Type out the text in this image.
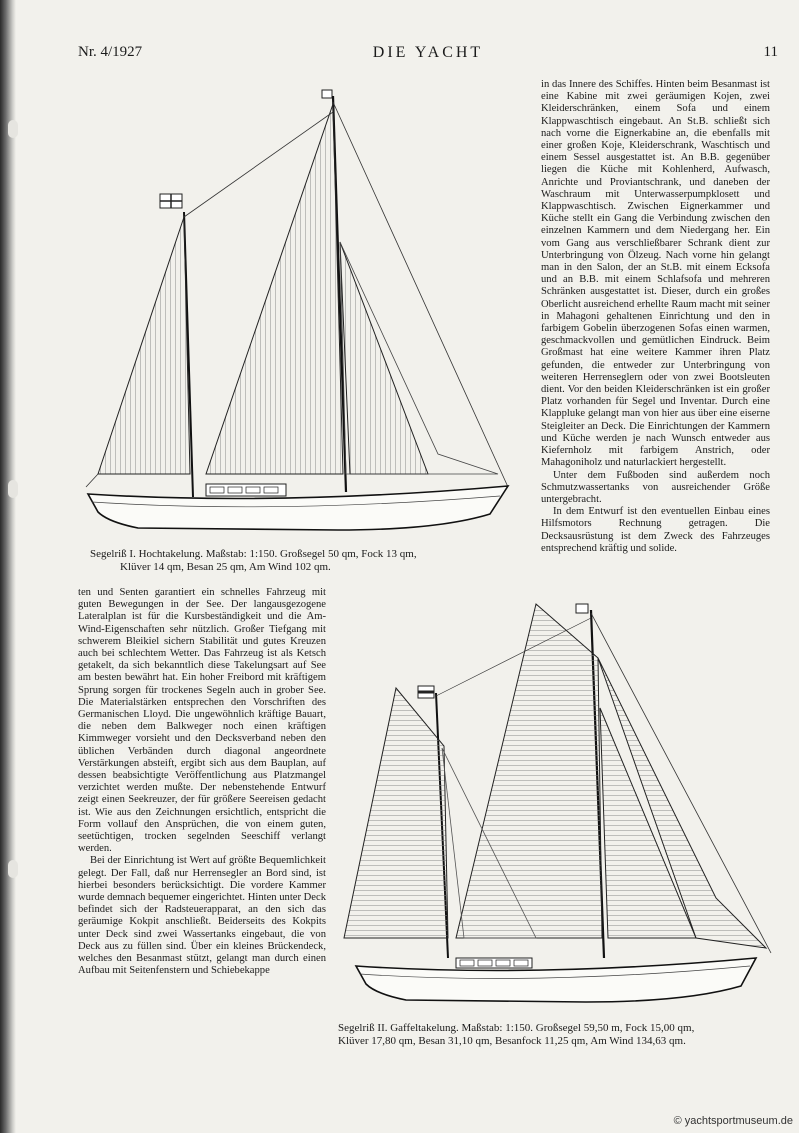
Nr. 4/1927	DIE YACHT	11

in das Innere des Schiffes. Hinten beim Besanmast ist eine Kabine mit zwei geräumigen Kojen, zwei Kleiderschränken, einem Sofa und einem Klappwaschtisch eingebaut. An St.B. schließt sich nach vorne die Eignerkabine an, die ebenfalls mit einer großen Koje, Kleiderschrank, Waschtisch und einem Sessel ausgestattet ist. An B.B. gegenüber liegen die Küche mit Kohlenherd, Aufwasch, Anrichte und Proviantschrank, und daneben der Waschraum mit Unterwasserpumpklosett und Klappwaschtisch. Zwischen Eignerkammer und Küche stellt ein Gang die Verbindung zwischen den einzelnen Kammern und dem Niedergang her. Ein vom Gang aus verschließbarer Schrank dient zur Unterbringung von Ölzeug. Nach vorne hin gelangt man in den Salon, der an St.B. mit einem Ecksofa und an B.B. mit einem Schlafsofa und mehreren Schränken ausgestattet ist. Dieser, durch ein großes Oberlicht ausreichend erhellte Raum macht mit seiner in Mahagoni gehaltenen Einrichtung und den in farbigem Gobelin überzogenen Sofas einen warmen, geschmackvollen und gemütlichen Eindruck. Beim Großmast hat eine weitere Kammer ihren Platz gefunden, die entweder zur Unterbringung von weiteren Herrenseglern oder von zwei Bootsleuten dient. Vor den beiden Kleiderschränken ist ein großer Platz vorhanden für Segel und Inventar. Durch eine Klappluke gelangt man von hier aus über eine eiserne Steigleiter an Deck. Die Einrichtungen der Kammern und Küche werden je nach Wunsch entweder aus Kiefernholz mit farbigem Anstrich, oder Mahagoniholz und naturlackiert hergestellt.

Unter dem Fußboden sind außerdem noch Schmutzwassertanks von ausreichender Größe untergebracht.

In dem Entwurf ist den eventuellen Einbau eines Hilfsmotors Rechnung getragen. Die Decksausrüstung ist dem Zweck des Fahrzeuges entsprechend kräftig und solide.

Segelriß I. Hochtakelung. Maßstab: 1:150. Großsegel 50 qm, Fock 13 qm,
Klüver 14 qm, Besan 25 qm, Am Wind 102 qm.

ten und Senten garantiert ein schnelles Fahrzeug mit guten Bewegungen in der See. Der langausgezogene Lateralplan ist für die Kursbeständigkeit und die Am-Wind-Eigenschaften sehr nützlich. Großer Tiefgang mit schwerem Bleikiel sichern Stabilität und gutes Kreuzen auch bei schlechtem Wetter. Das Fahrzeug ist als Ketsch getakelt, da sich bekanntlich diese Takelungsart auf See am besten bewährt hat. Ein hoher Freibord mit kräftigem Sprung sorgen für trockenes Segeln auch in grober See. Die Materialstärken entsprechen den Vorschriften des Germanischen Lloyd. Die ungewöhnlich kräftige Bauart, die neben dem Balkweger noch einen kräftigen Kimmweger vorsieht und den Decksverband neben den üblichen Verbänden durch diagonal angeordnete Verstärkungen absteift, ergibt sich aus dem Bauplan, auf dessen beabsichtigte Veröffentlichung aus Platzmangel verzichtet werden mußte. Der nebenstehende Entwurf zeigt einen Seekreuzer, der für größere Seereisen gedacht ist. Wie aus den Zeichnungen ersichtlich, entspricht die Form vollauf den Ansprüchen, die von einem guten, seetüchtigen, trocken segelnden Seeschiff verlangt werden.

Bei der Einrichtung ist Wert auf größte Bequemlichkeit gelegt. Der Fall, daß nur Herrensegler an Bord sind, ist hierbei besonders berücksichtigt. Die vordere Kammer wurde demnach bequemer eingerichtet. Hinten unter Deck befindet sich der Radsteuerapparat, an den sich das geräumige Kokpit anschließt. Beiderseits des Kokpits unter Deck sind zwei Wassertanks eingebaut, die von Deck aus zu füllen sind. Über ein kleines Brückendeck, welches den Besanmast stützt, gelangt man durch einen Aufbau mit Seitenfenstern und Schiebekappe

Segelriß II. Gaffeltakelung. Maßstab: 1:150. Großsegel 59,50 m, Fock 15,00 qm,
Klüver 17,80 qm, Besan 31,10 qm, Besanfock 11,25 qm, Am Wind 134,63 qm.
© yachtsportmuseum.de
